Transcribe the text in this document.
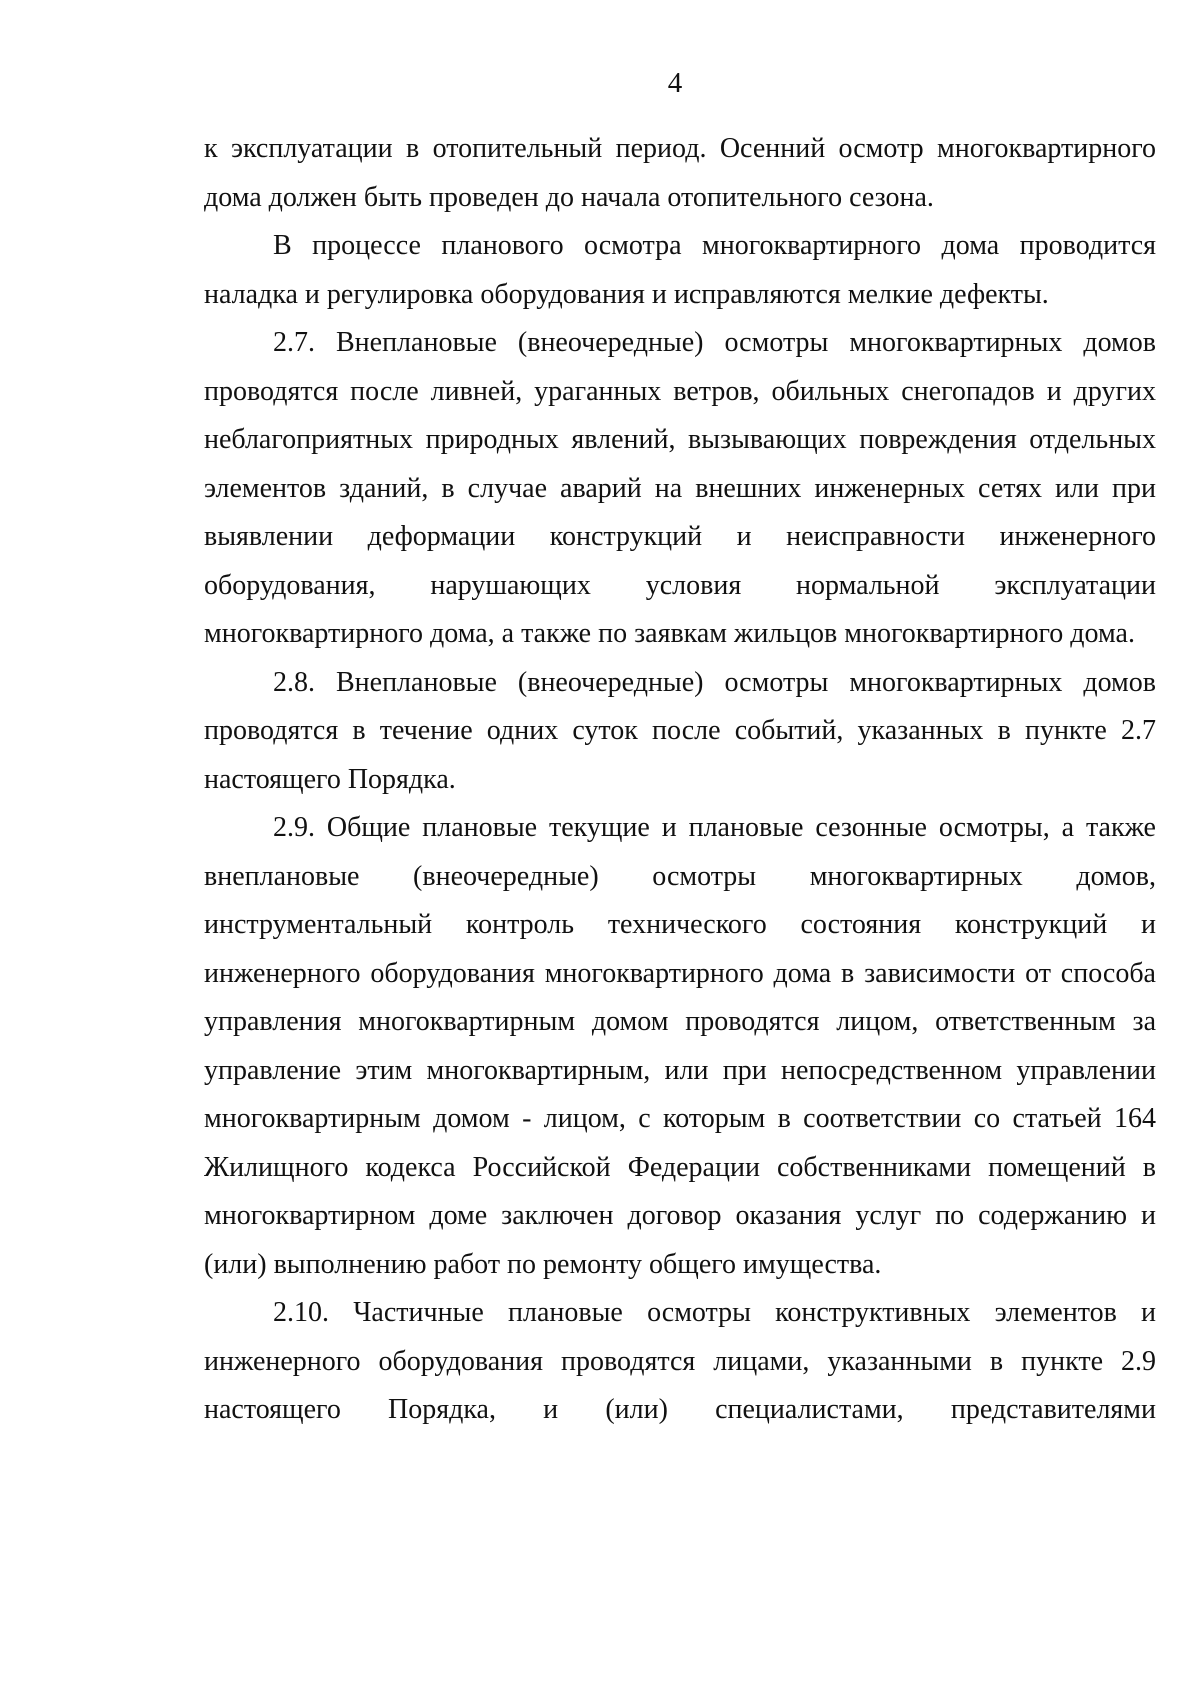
4

к эксплуатации в отопительный период. Осенний осмотр многоквартирного дома должен быть проведен до начала отопительного сезона.

В процессе планового осмотра многоквартирного дома проводится наладка и регулировка оборудования и исправляются мелкие дефекты.

2.7. Внеплановые (внеочередные) осмотры многоквартирных домов проводятся после ливней, ураганных ветров, обильных снегопадов и других неблагоприятных природных явлений, вызывающих повреждения отдельных элементов зданий, в случае аварий на внешних инженерных сетях или при выявлении деформации конструкций и неисправности инженерного оборудования, нарушающих условия нормальной эксплуатации многоквартирного дома, а также по заявкам жильцов многоквартирного дома.

2.8. Внеплановые (внеочередные) осмотры многоквартирных домов проводятся в течение одних суток после событий, указанных в пункте 2.7 настоящего Порядка.

2.9. Общие плановые текущие и плановые сезонные осмотры, а также внеплановые (внеочередные) осмотры многоквартирных домов, инструментальный контроль технического состояния конструкций и инженерного оборудования многоквартирного дома в зависимости от способа управления многоквартирным домом проводятся лицом, ответственным за управление этим многоквартирным, или при непосредственном управлении многоквартирным домом - лицом, с которым в соответствии со статьей 164 Жилищного кодекса Российской Федерации собственниками помещений в многоквартирном доме заключен договор оказания услуг по содержанию и (или) выполнению работ по ремонту общего имущества.

2.10. Частичные плановые осмотры конструктивных элементов и инженерного оборудования проводятся лицами, указанными в пункте 2.9 настоящего Порядка, и (или) специалистами, представителями
